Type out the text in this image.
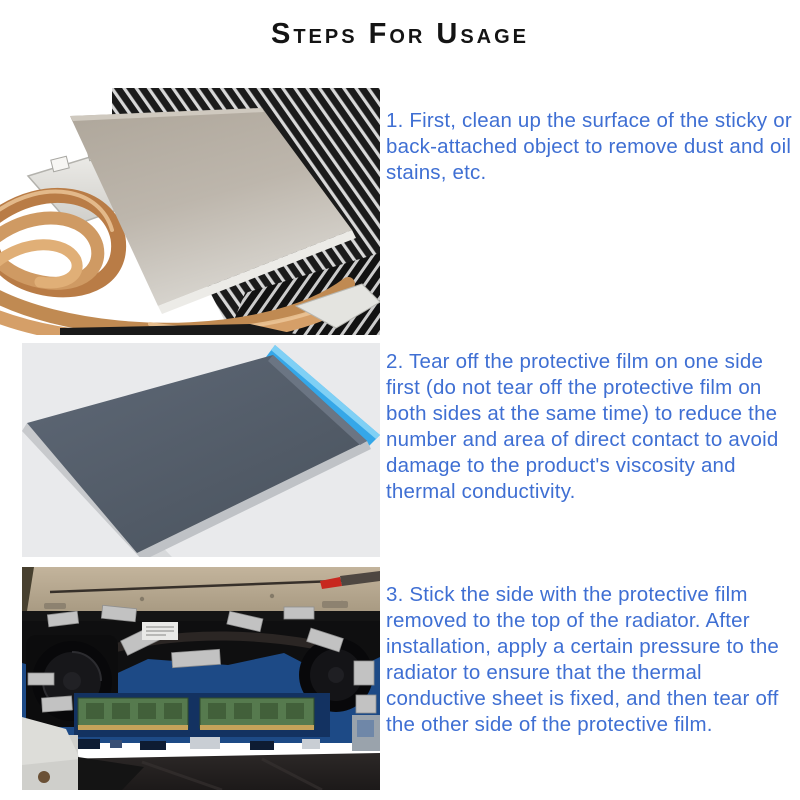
Steps For Usage

1. First, clean up the surface of the sticky or back-attached object to remove dust and oil stains, etc.

2. Tear off the protective film on one side first (do not tear off the protective film on both sides at the same time) to reduce the number and area of direct contact to avoid damage to the product's viscosity and thermal conductivity.

3. Stick the side with the protective film removed to the top of the radiator. After installation, apply a certain pressure to the radiator to ensure that the thermal conductive sheet is fixed, and then tear off the other side of the protective film.
